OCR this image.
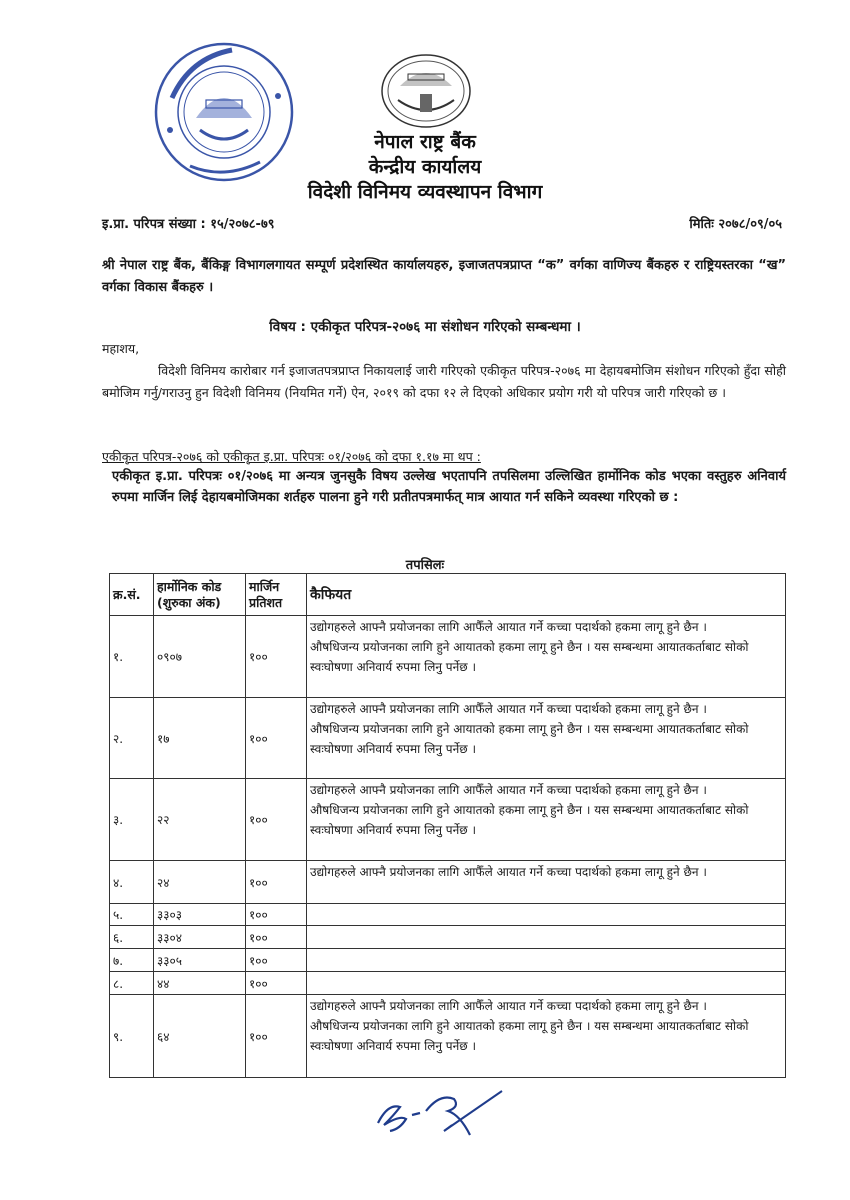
नेपाल राष्ट्र बैंक
केन्द्रीय कार्यालय
विदेशी विनिमय व्यवस्थापन विभाग
इ.प्रा. परिपत्र संख्या : १५/२०७८-७९	मितिः २०७८/०९/०५
श्री नेपाल राष्ट्र बैंक, बैंकिङ्ग विभागलगायत सम्पूर्ण प्रदेशस्थित कार्यालयहरु, इजाजतपत्रप्राप्त “क” वर्गका वाणिज्य बैंकहरु र राष्ट्रियस्तरका “ख” वर्गका विकास बैंकहरु ।
विषय : एकीकृत परिपत्र-२०७६ मा संशोधन गरिएको सम्बन्धमा ।
महाशय,
विदेशी विनिमय कारोबार गर्न इजाजतपत्रप्राप्त निकायलाई जारी गरिएको एकीकृत परिपत्र-२०७६ मा देहायबमोजिम संशोधन गरिएको हुँदा सोही बमोजिम गर्नु/गराउनु हुन विदेशी विनिमय (नियमित गर्ने) ऐन, २०१९ को दफा १२ ले दिएको अधिकार प्रयोग गरी यो परिपत्र जारी गरिएको छ ।
एकीकृत परिपत्र-२०७६ को एकीकृत इ.प्रा. परिपत्रः ०१/२०७६ को दफा १.१७ मा थप :
एकीकृत इ.प्रा. परिपत्रः ०१/२०७६ मा अन्यत्र जुनसुकै विषय उल्लेख भएतापनि तपसिलमा उल्लिखित हार्मोनिक कोड भएका वस्तुहरु अनिवार्य रुपमा मार्जिन लिई देहायबमोजिमका शर्तहरु पालना हुने गरी प्रतीतपत्रमार्फत् मात्र आयात गर्न सकिने व्यवस्था गरिएको छ :
तपसिलः
क्र.सं.	हार्मोनिक कोड (शुरुका अंक)	मार्जिन प्रतिशत	कैफियत
१.	०९०७	१००	उद्योगहरुले आफ्नै प्रयोजनका लागि आफैँले आयात गर्ने कच्चा पदार्थको हकमा लागू हुने छैन ।
औषधिजन्य प्रयोजनका लागि हुने आयातको हकमा लागू हुने छैन । यस सम्बन्धमा आयातकर्ताबाट सोको स्वःघोषणा अनिवार्य रुपमा लिनु पर्नेछ ।

२.	१७	१००	उद्योगहरुले आफ्नै प्रयोजनका लागि आफैँले आयात गर्ने कच्चा पदार्थको हकमा लागू हुने छैन ।
औषधिजन्य प्रयोजनका लागि हुने आयातको हकमा लागू हुने छैन । यस सम्बन्धमा आयातकर्ताबाट सोको स्वःघोषणा अनिवार्य रुपमा लिनु पर्नेछ ।

३.	२२	१००	उद्योगहरुले आफ्नै प्रयोजनका लागि आफैँले आयात गर्ने कच्चा पदार्थको हकमा लागू हुने छैन ।
औषधिजन्य प्रयोजनका लागि हुने आयातको हकमा लागू हुने छैन । यस सम्बन्धमा आयातकर्ताबाट सोको स्वःघोषणा अनिवार्य रुपमा लिनु पर्नेछ ।

४.	२४	१००	उद्योगहरुले आफ्नै प्रयोजनका लागि आफैँले आयात गर्ने कच्चा पदार्थको हकमा लागू हुने छैन ।

५.	३३०३	१००	
६.	३३०४	१००	
७.	३३०५	१००	
८.	४४	१००	
९.	६४	१००	उद्योगहरुले आफ्नै प्रयोजनका लागि आफैँले आयात गर्ने कच्चा पदार्थको हकमा लागू हुने छैन ।
औषधिजन्य प्रयोजनका लागि हुने आयातको हकमा लागू हुने छैन । यस सम्बन्धमा आयातकर्ताबाट सोको स्वःघोषणा अनिवार्य रुपमा लिनु पर्नेछ ।
